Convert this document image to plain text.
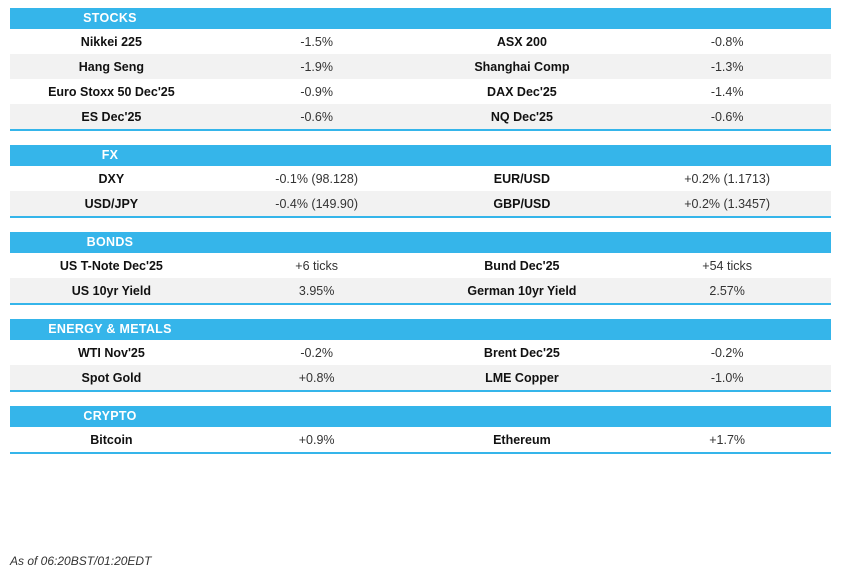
STOCKS
Nikkei 225	-1.5%	ASX 200	-0.8%
Hang Seng	-1.9%	Shanghai Comp	-1.3%
Euro Stoxx 50 Dec'25	-0.9%	DAX Dec'25	-1.4%
ES Dec'25	-0.6%	NQ Dec'25	-0.6%
FX
DXY	-0.1% (98.128)	EUR/USD	+0.2% (1.1713)
USD/JPY	-0.4% (149.90)	GBP/USD	+0.2% (1.3457)
BONDS
US T-Note Dec'25	+6 ticks	Bund Dec'25	+54 ticks
US 10yr Yield	3.95%	German 10yr Yield	2.57%
ENERGY & METALS
WTI Nov'25	-0.2%	Brent Dec'25	-0.2%
Spot Gold	+0.8%	LME Copper	-1.0%
CRYPTO
Bitcoin	+0.9%	Ethereum	+1.7%
As of 06:20BST/01:20EDT
